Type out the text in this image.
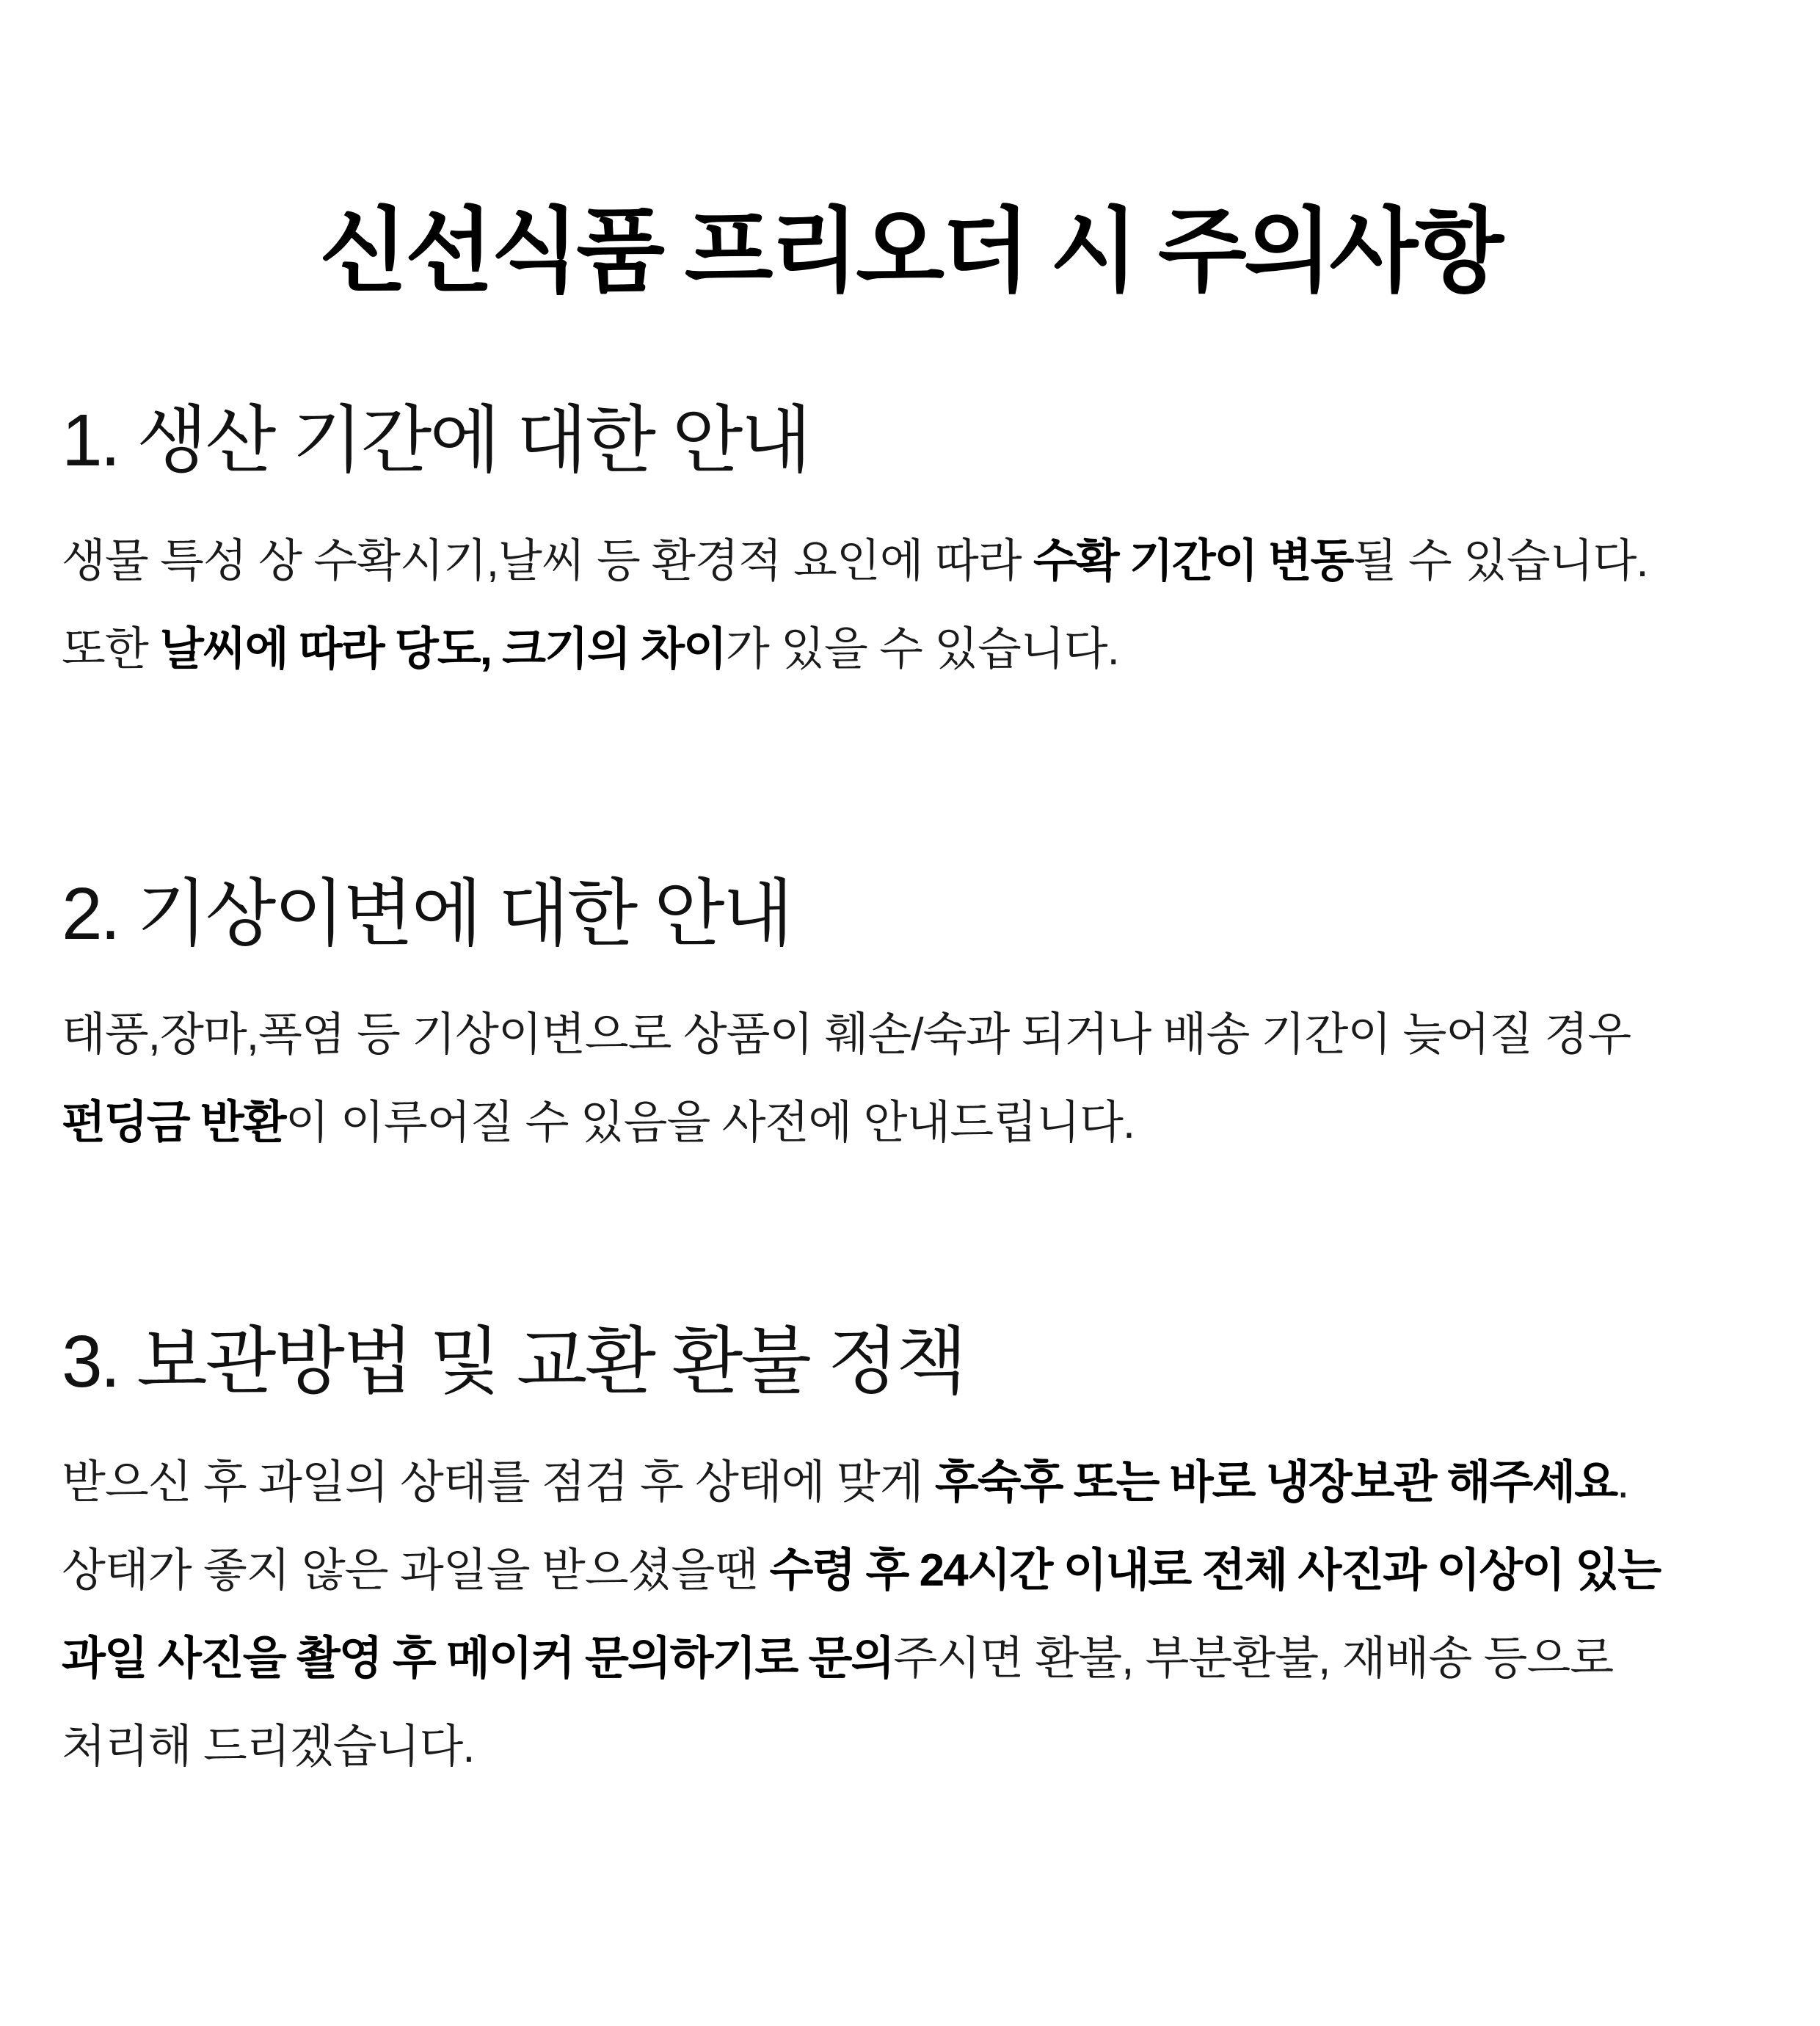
신선식품 프리오더 시 주의사항
1. 생산 기간에 대한 안내
생물 특성 상 수확시기,날씨 등 환경적 요인에 따라 수확 기간이 변동될 수 있습니다.
또한 날씨에 따라 당도, 크기의 차이가 있을 수 있습니다.
2. 기상이변에 대한 안내
태풍,장마,폭염 등 기상이변으로 상품이 훼손/숙과 되거나 배송 기간이 늦어질 경우
펀딩금 반환이 이루어질 수 있음을 사전에 안내드립니다.
3. 보관방법 및 교환 환불 정책
받으신 후 과일의 상태를 점검 후 상태에 맞게 후숙후 또는 바로 냉장보관 해주세요.
상태가 좋지 않은 과일을 받으셨을땐 수령 후 24시간 이내로 전체 사진과 이상이 있는
과일 사진을 촬영 후 메이커 문의하기로 문의주시면 환불, 부분환불, 재배송 등으로
처리해 드리겠습니다.
